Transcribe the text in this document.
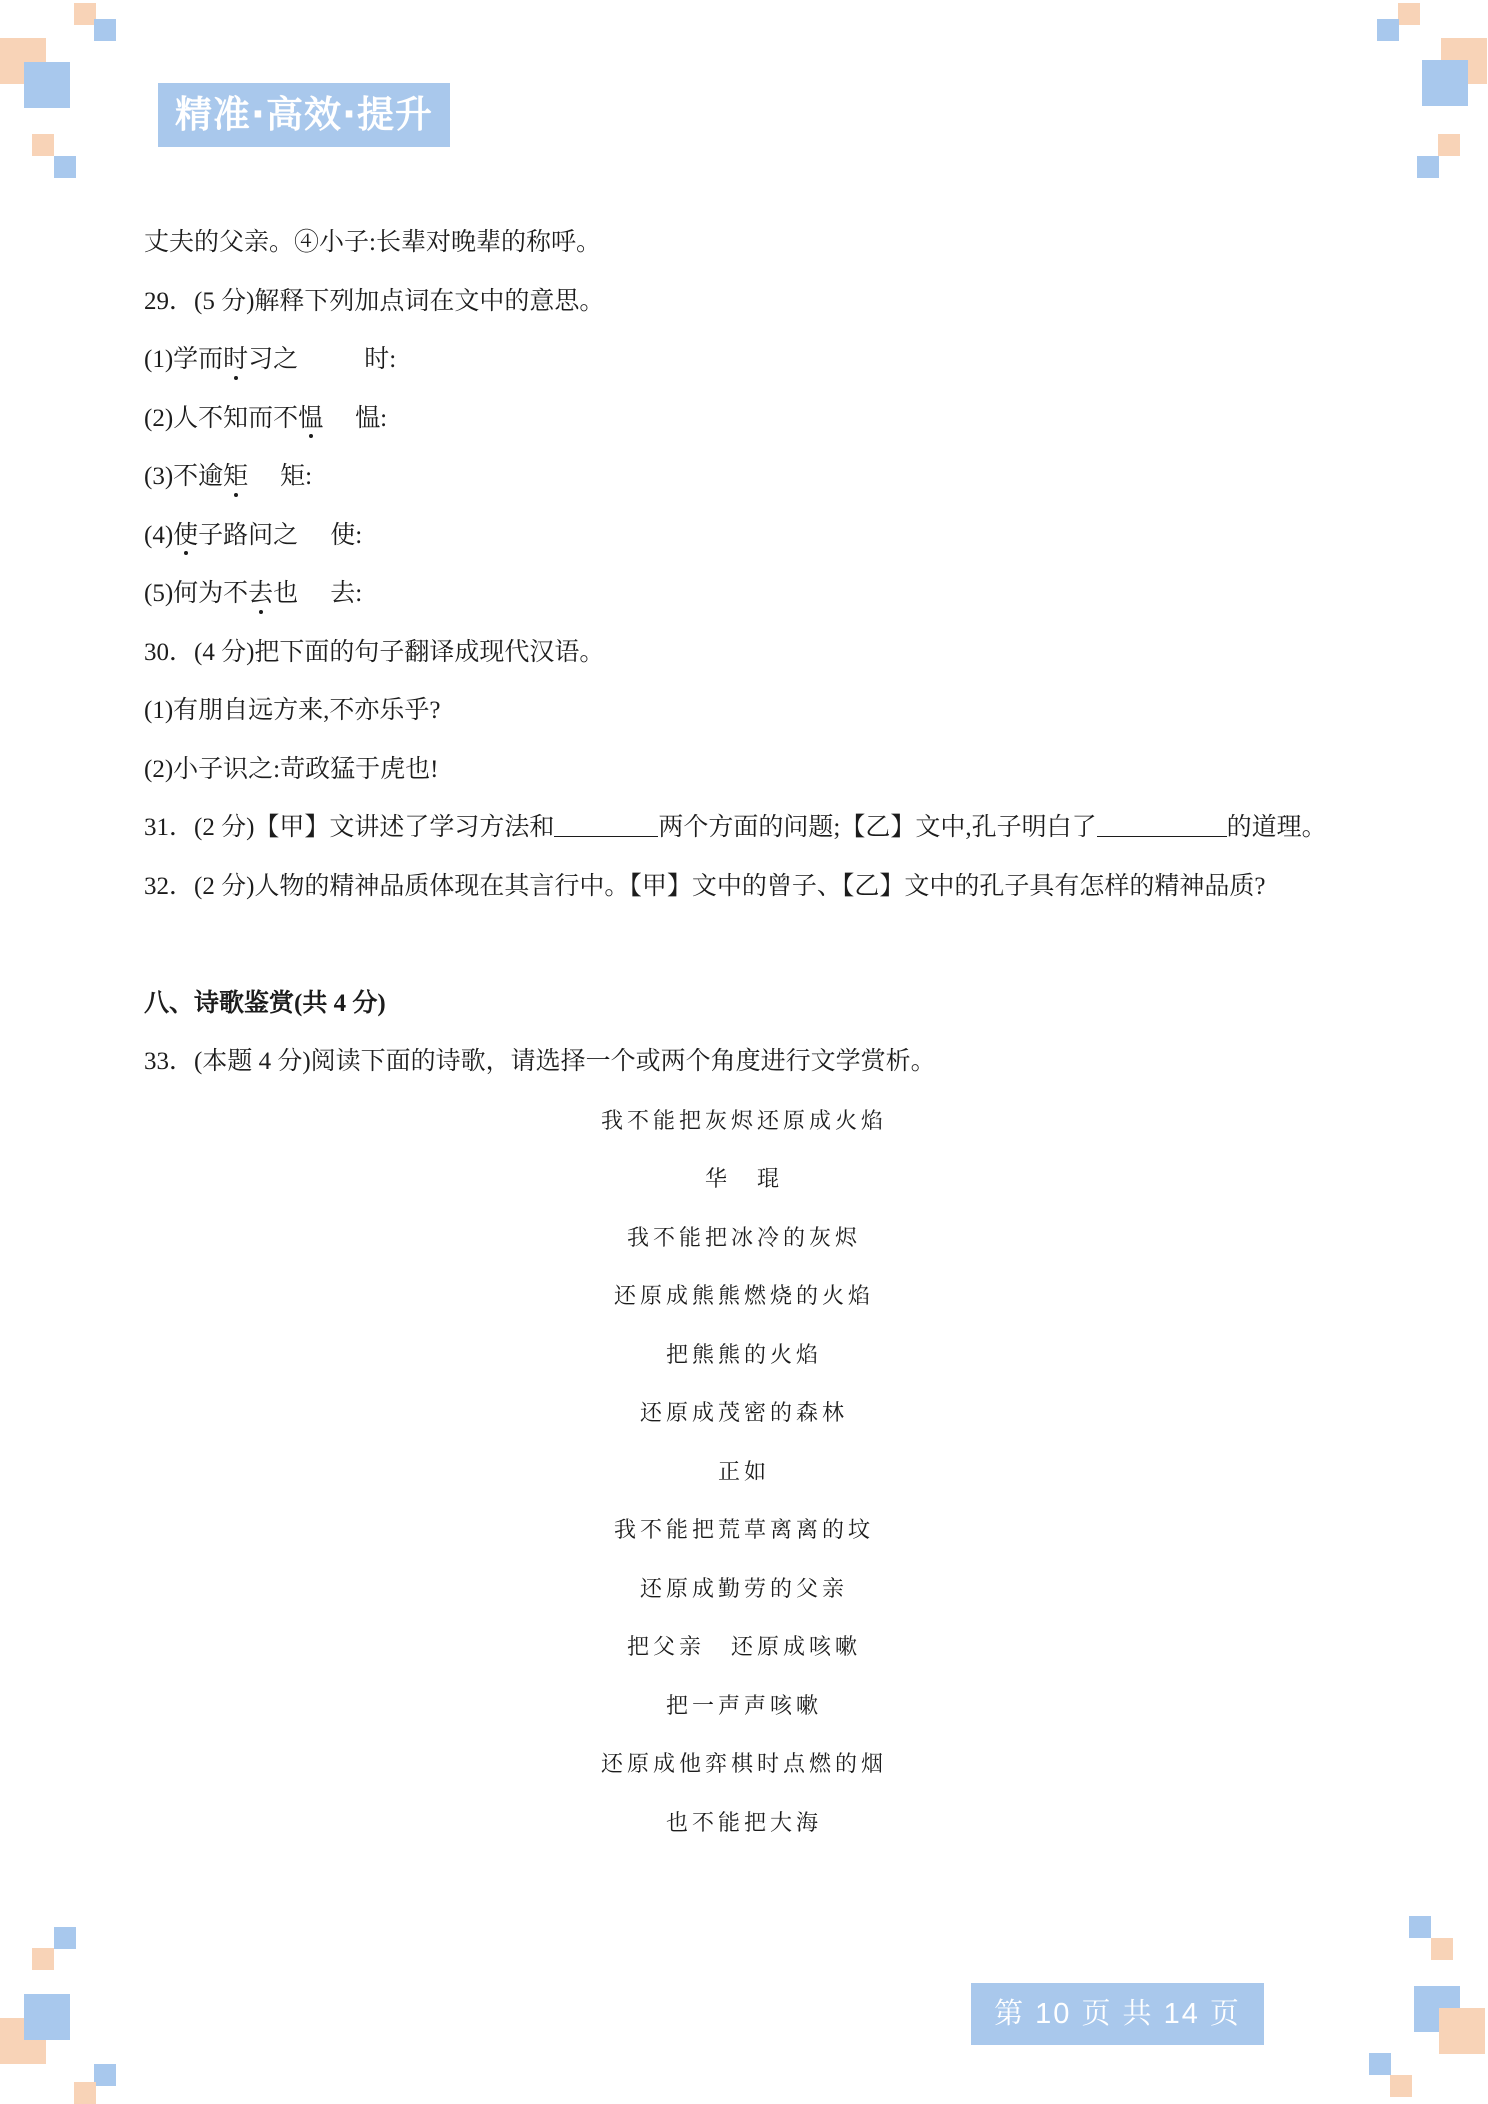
精准·高效·提升
丈夫的父亲。④小子:长辈对晚辈的称呼。
29．(5 分)解释下列加点词在文中的意思。
(1)学而时习之	时:
(2)人不知而不愠 愠:
(3)不逾矩 矩:
(4)使子路问之 使:
(5)何为不去也 去:
30．(4 分)把下面的句子翻译成现代汉语。
(1)有朋自远方来,不亦乐乎?
(2)小子识之:苛政猛于虎也!
31．(2 分)【甲】文讲述了学习方法和	两个方面的问题;【乙】文中,孔子明白了	的道理。
32．(2 分)人物的精神品质体现在其言行中。【甲】文中的曾子、【乙】文中的孔子具有怎样的精神品质?
八、诗歌鉴赏(共 4 分)
33．(本题 4 分)阅读下面的诗歌，请选择一个或两个角度进行文学赏析。
我不能把灰烬还原成火焰
华　琨
我不能把冰冷的灰烬
还原成熊熊燃烧的火焰
把熊熊的火焰
还原成茂密的森林
正如
我不能把荒草离离的坟
还原成勤劳的父亲
把父亲　还原成咳嗽
把一声声咳嗽
还原成他弈棋时点燃的烟
也不能把大海
第 10 页 共 14 页
